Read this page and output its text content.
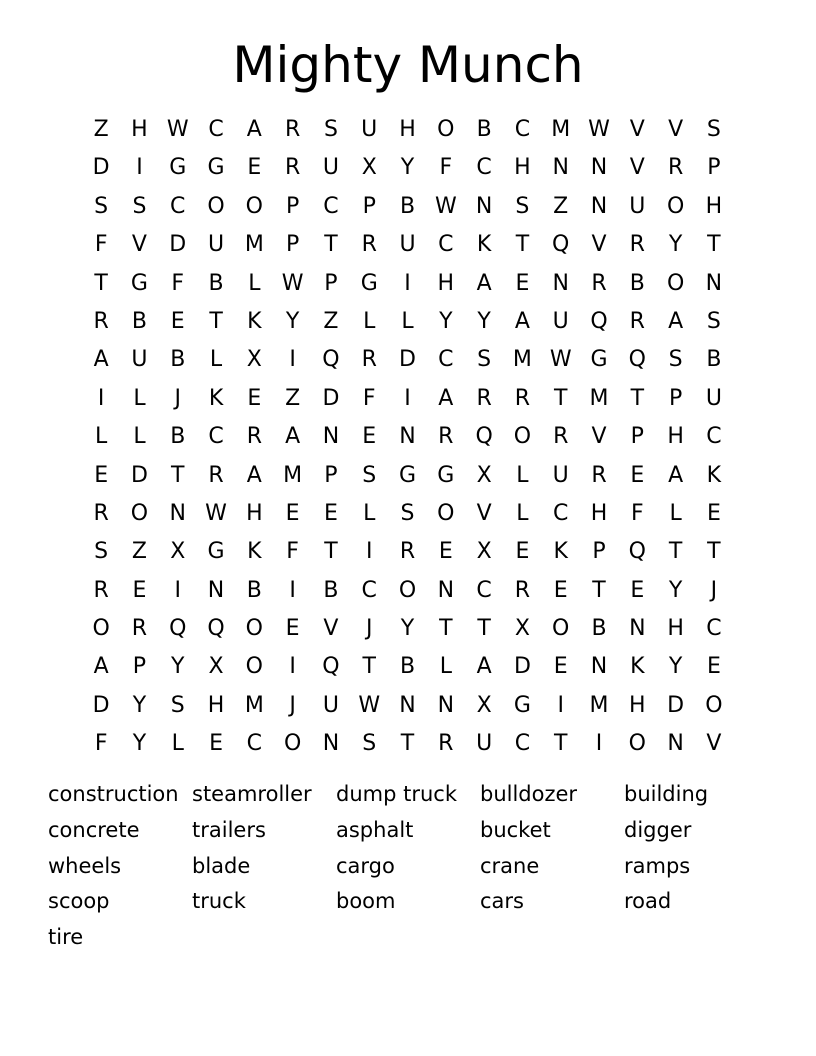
Mighty Munch
Z	H W C	A	R	S	U H O	B	C M W V	V	S
D	I	G G	E	R	U	X	Y	F	C	H N N	V	R	P
S	S	C O O	P	C	P	B W N	S	Z	N	U O H
F	V	D U M	P	T	R	U	C	K	T	Q	V	R	Y	T
T	G	F	B	L W P	G	I	H	A	E	N	R	B	O N
R	B	E	T	K	Y	Z	L	L	Y	Y	A	U Q R	A	S
A	U	B	L	X	I	Q R	D	C	S M W G Q	S	B
I	L	J	K	E	Z	D	F	I	A	R	R	T	M	T	P	U
L	L	B	C	R	A	N	E	N	R Q O R	V	P	H	C
E	D	T	R	A M	P	S	G G	X	L	U	R	E	A	K
R O N W H	E	E	L	S	O	V	L	C	H	F	L	E
S	Z	X	G	K	F	T	I	R	E	X	E	K	P	Q	T	T
R	E	I	N	B	I	B	C O N	C	R	E	T	E	Y	J
O R Q Q O	E	V	J	Y	T	T	X	O	B	N H	C
A	P	Y	X	O	I	Q	T	B	L	A	D	E	N	K	Y	E
D	Y	S	H M	J	U W N N	X	G	I	M H D O
F	Y	L	E	C O N	S	T	R	U	C	T	I	O N	V
construction steamroller	dump truck	bulldozer	building
concrete	trailers	asphalt	bucket	digger
wheels	blade	cargo	crane	ramps
scoop	truck	boom	cars	road
tire
